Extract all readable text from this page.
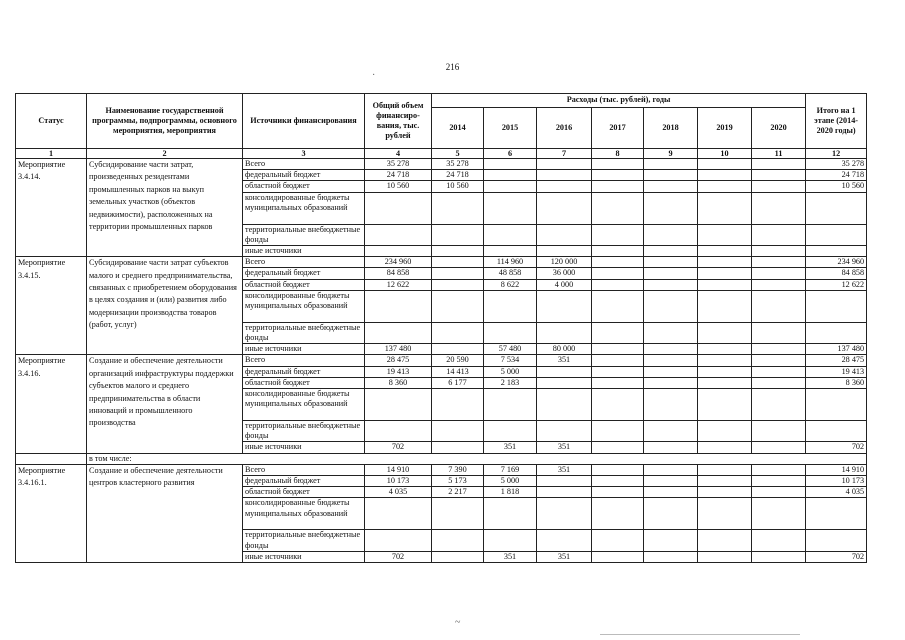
216
Статус	Наименование государственной программы, подпрограммы, основного мероприятия, мероприятия	Источники финансирования	Общий объем финансиро-вания, тыс. рублей	Расходы (тыс. рублей), годы							Итого на 1 этапе (2014-2020 годы)
				2014	2015	2016	2017	2018	2019	2020	
1	2	3	4	5	6	7	8	9	10	11	12
Мероприятие 3.4.14.	Субсидирование части затрат, произведенных резидентами промышленных парков на выкуп земельных участков (объектов недвижимости), расположенных на территории промышленных парков	Всего	35 278	35 278							35 278
		федеральный бюджет	24 718	24 718							24 718
		областной бюджет	10 560	10 560							10 560
		консолидированные бюджеты муниципальных образований									
		территориальные внебюджетные фонды									
		иные источники									
Мероприятие 3.4.15.	Субсидирование части затрат субъектов малого и среднего предпринимательства, связанных с приобретением оборудования в целях создания и (или) развития либо модернизации производства товаров (работ, услуг)	Всего	234 960		114 960	120 000					234 960
		федеральный бюджет	84 858		48 858	36 000					84 858
		областной бюджет	12 622		8 622	4 000					12 622
		консолидированные бюджеты муниципальных образований									
		территориальные внебюджетные фонды									
		иные источники	137 480		57 480	80 000					137 480
Мероприятие 3.4.16.	Создание и обеспечение деятельности организаций инфраструктуры поддержки субъектов малого и среднего предпринимательства в области инноваций и промышленного производства	Всего	28 475	20 590	7 534	351					28 475
		федеральный бюджет	19 413	14 413	5 000						19 413
		областной бюджет	8 360	6 177	2 183						8 360
		консолидированные бюджеты муниципальных образований									
		территориальные внебюджетные фонды									
		иные источники	702		351	351					702
	в том числе:										
Мероприятие 3.4.16.1.	Создание и обеспечение деятельности центров кластерного развития	Всего	14 910	7 390	7 169	351					14 910
		федеральный бюджет	10 173	5 173	5 000						10 173
		областной бюджет	4 035	2 217	1 818						4 035
		консолидированные бюджеты муниципальных образований									
		территориальные внебюджетные фонды									
		иные источники	702		351	351					702
·
~
